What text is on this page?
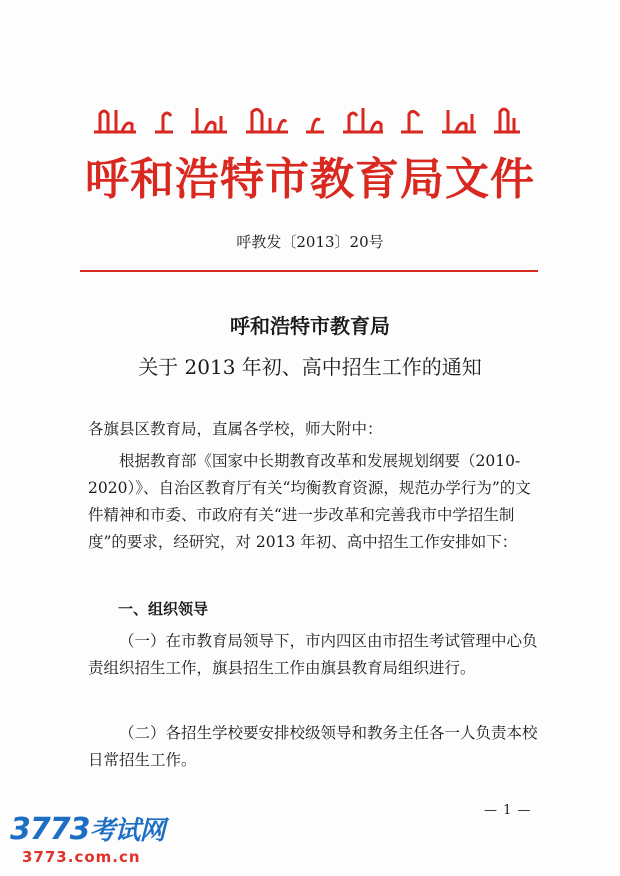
呼和浩特市教育局文件
呼教发〔2013〕20号
呼和浩特市教育局
关于 2013 年初、高中招生工作的通知
各旗县区教育局，直属各学校，师大附中：
根据教育部《国家中长期教育改革和发展规划纲要（2010-2020）》、自治区教育厅有关“均衡教育资源，规范办学行为”的文件精神和市委、市政府有关“进一步改革和完善我市中学招生制度”的要求，经研究，对 2013 年初、高中招生工作安排如下：
一、组织领导
（一）在市教育局领导下，市内四区由市招生考试管理中心负责组织招生工作，旗县招生工作由旗县教育局组织进行。
（二）各招生学校要安排校级领导和教务主任各一人负责本校日常招生工作。
— 1 —
3773考试网
3773.com.cn
